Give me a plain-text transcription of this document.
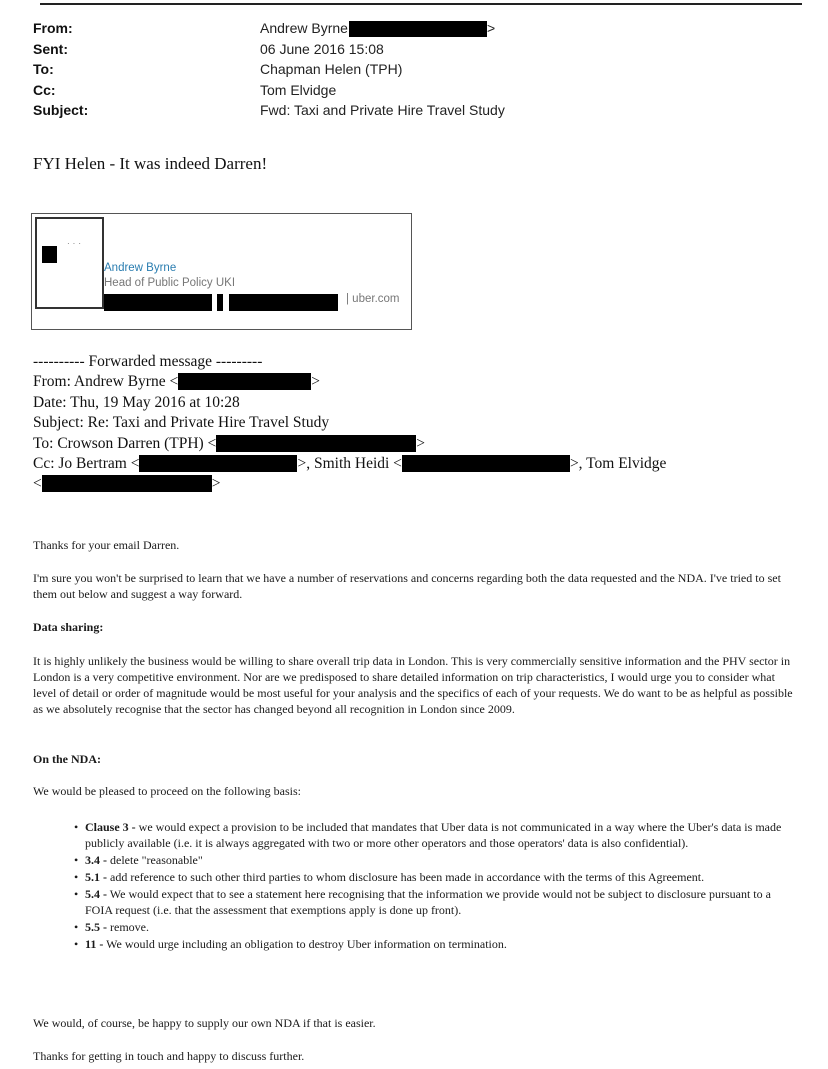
From:	Andrew Byrne	>
Sent:	06 June 2016 15:08
To:	Chapman Helen (TPH)
Cc:	Tom Elvidge
Subject:	Fwd: Taxi and Private Hire Travel Study
FYI Helen - It was indeed Darren!
···
Andrew Byrne
Head of Public Policy UKI
| uber.com
---------- Forwarded message ---------
From: Andrew Byrne <	>
Date: Thu, 19 May 2016 at 10:28
Subject: Re: Taxi and Private Hire Travel Study
To: Crowson Darren (TPH) <	>
Cc: Jo Bertram <	>, Smith Heidi <	>, Tom Elvidge
<	>

Thanks for your email Darren.

I'm sure you won't be surprised to learn that we have a number of reservations and concerns regarding both the data requested and the NDA. I've tried to set them out below and suggest a way forward.

Data sharing:

It is highly unlikely the business would be willing to share overall trip data in London. This is very commercially sensitive information and the PHV sector in London is a very competitive environment. Nor are we predisposed to share detailed information on trip characteristics, I would urge you to consider what level of detail or order of magnitude would be most useful for your analysis and the specifics of each of your requests. We do want to be as helpful as possible as we absolutely recognise that the sector has changed beyond all recognition in London since 2009.

On the NDA:

We would be pleased to proceed on the following basis:

• Clause 3 - we would expect a provision to be included that mandates that Uber data is not communicated in a way where the Uber's data is made publicly available (i.e. it is always aggregated with two or more other operators and those operators' data is also confidential).
• 3.4 - delete "reasonable"
• 5.1 - add reference to such other third parties to whom disclosure has been made in accordance with the terms of this Agreement.
• 5.4 - We would expect that to see a statement here recognising that the information we provide would not be subject to disclosure pursuant to a FOIA request (i.e. that the assessment that exemptions apply is done up front).
• 5.5 - remove.
• 11 - We would urge including an obligation to destroy Uber information on termination.

We would, of course, be happy to supply our own NDA if that is easier.

Thanks for getting in touch and happy to discuss further.
